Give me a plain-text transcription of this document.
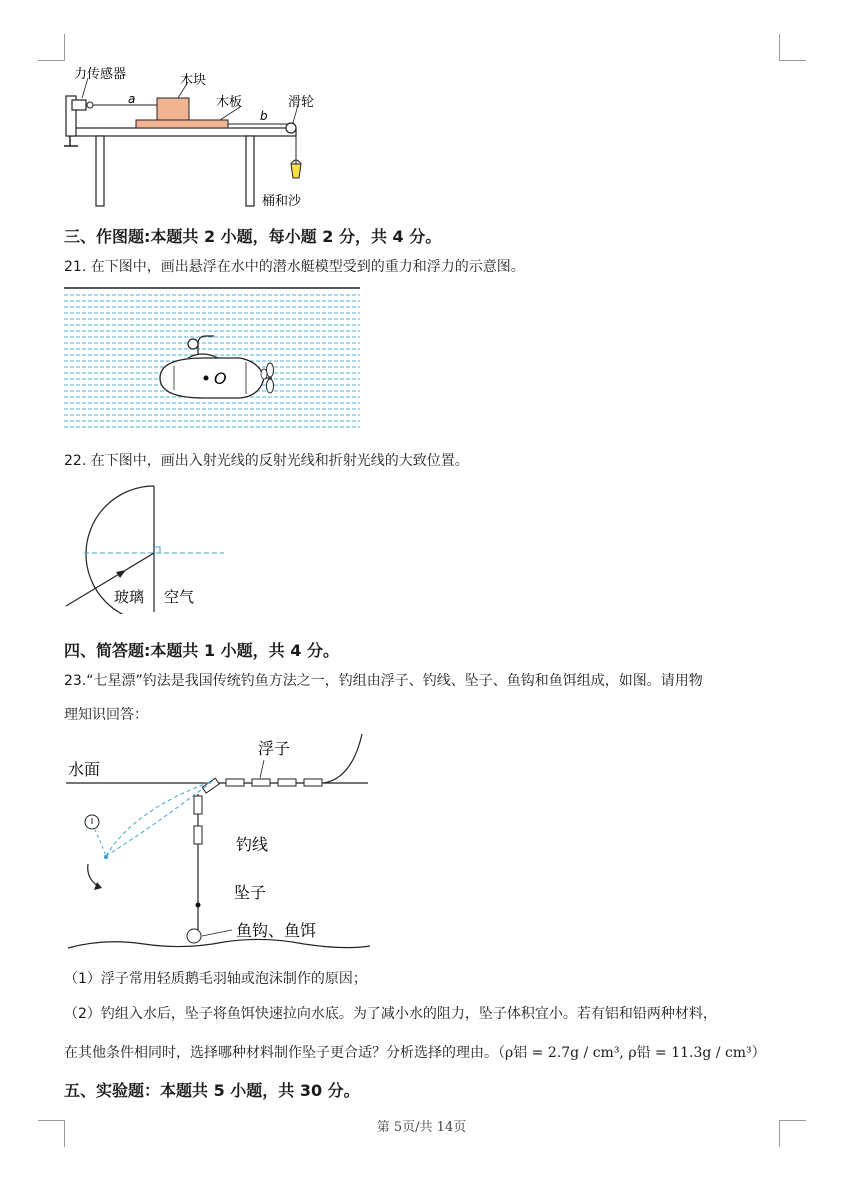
力传感器	木块
木板	滑轮
a
b
桶和沙
三、作图题:本题共 2 小题，每小题 2 分，共 4 分。
21. 在下图中，画出悬浮在水中的潜水艇模型受到的重力和浮力的示意图。
O
22. 在下图中，画出入射光线的反射光线和折射光线的大致位置。
玻璃 空气
四、简答题:本题共 1 小题，共 4 分。
23.“七星漂”钓法是我国传统钓鱼方法之一，钓组由浮子、钓线、坠子、鱼钩和鱼饵组成，如图。请用物
理知识回答：
水面
浮子
钓线
坠子
鱼钩、鱼饵
（1）浮子常用轻质鹅毛羽轴或泡沫制作的原因；
（2）钓组入水后，坠子将鱼饵快速拉向水底。为了减小水的阻力，坠子体积宜小。若有铝和铅两种材料，
在其他条件相同时，选择哪种材料制作坠子更合适？分析选择的理由。（ρ铝 = 2.7g / cm³, ρ铅 = 11.3g / cm³）
五、实验题：本题共 5 小题，共 30 分。
第 5页/共 14页
